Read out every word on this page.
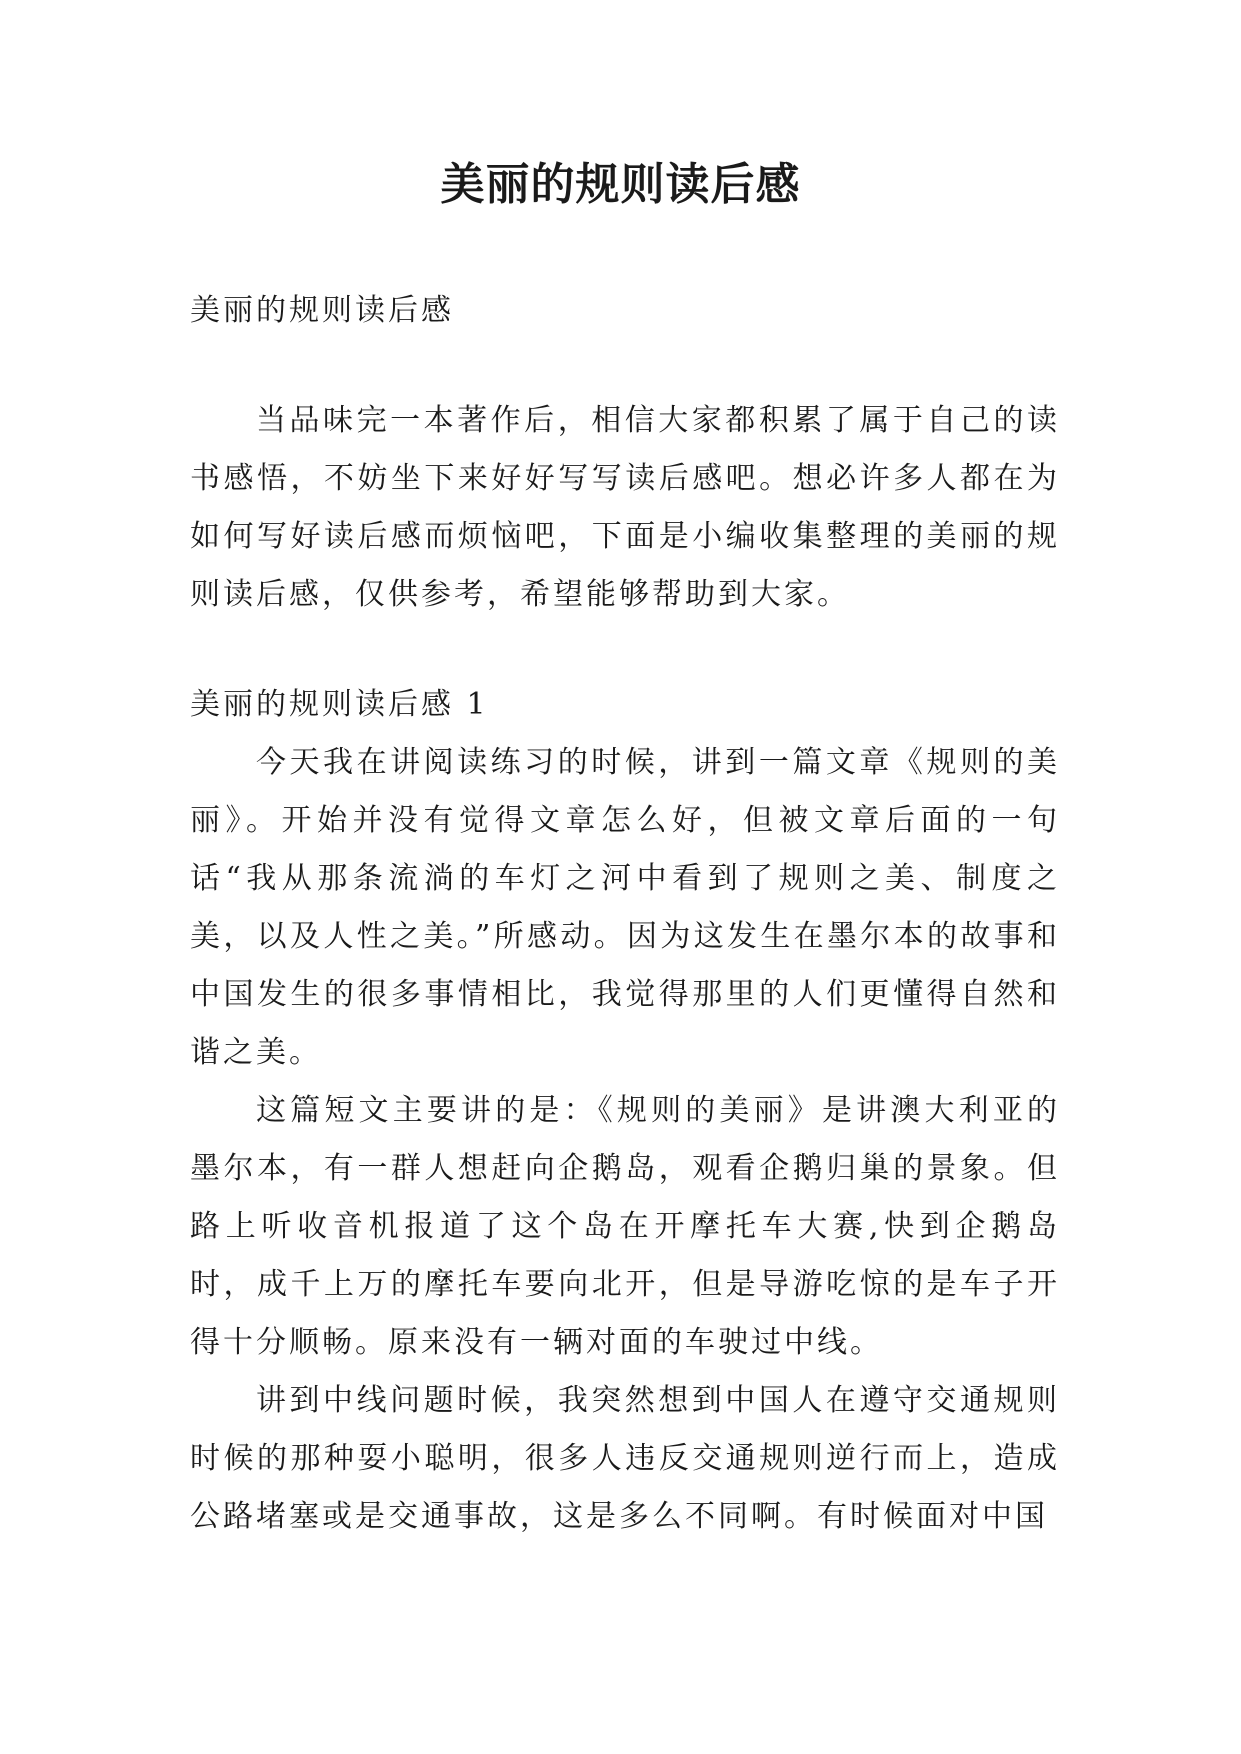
美丽的规则读后感

美丽的规则读后感

当品味完一本著作后，相信大家都积累了属于自己的读书感悟，不妨坐下来好好写写读后感吧。想必许多人都在为如何写好读后感而烦恼吧，下面是小编收集整理的美丽的规则读后感，仅供参考，希望能够帮助到大家。

美丽的规则读后感 1

今天我在讲阅读练习的时候，讲到一篇文章《规则的美丽》。开始并没有觉得文章怎么好，但被文章后面的一句话“我从那条流淌的车灯之河中看到了规则之美、制度之美，以及人性之美。”所感动。因为这发生在墨尔本的故事和中国发生的很多事情相比，我觉得那里的人们更懂得自然和谐之美。

这篇短文主要讲的是：《规则的美丽》是讲澳大利亚的墨尔本，有一群人想赶向企鹅岛，观看企鹅归巢的景象。但路上听收音机报道了这个岛在开摩托车大赛,快到企鹅岛时，成千上万的摩托车要向北开，但是导游吃惊的是车子开得十分顺畅。原来没有一辆对面的车驶过中线。

讲到中线问题时候，我突然想到中国人在遵守交通规则时候的那种耍小聪明，很多人违反交通规则逆行而上，造成公路堵塞或是交通事故，这是多么不同啊。有时候面对中国
